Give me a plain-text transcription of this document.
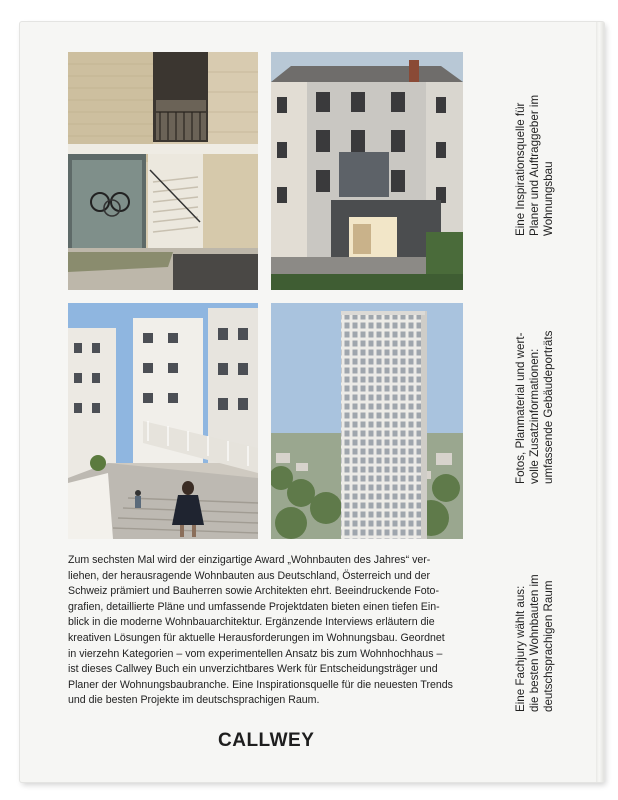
Zum sechsten Mal wird der einzigartige Award „Wohnbauten des Jahres“ ver-
liehen, der herausragende Wohnbauten aus Deutschland, Österreich und der
Schweiz prämiert und Bauherren sowie Architekten ehrt. Beeindruckende Foto-
grafien, detaillierte Pläne und umfassende Projektdaten bieten einen tiefen Ein-
blick in die moderne Wohnbauarchitektur. Ergänzende Interviews erläutern die
kreativen Lösungen für aktuelle Herausforderungen im Wohnungsbau. Geordnet
in vierzehn Kategorien – vom experimentellen Ansatz bis zum Wohnhochhaus –
ist dieses Callwey Buch ein unverzichtbares Werk für Entscheidungsträger und
Planer der Wohnungsbaubranche. Eine Inspirationsquelle für die neuesten Trends
und die besten Projekte im deutschsprachigen Raum.

CALLWEY
Eine Inspirationsquelle für Planer und Auftraggeber im Wohnungsbau
Fotos, Planmaterial und wert- volle Zusatzinformationen: umfassende Gebäudeporträts
Eine Fachjury wählt aus: die besten Wohnbauten im deutschsprachigen Raum
